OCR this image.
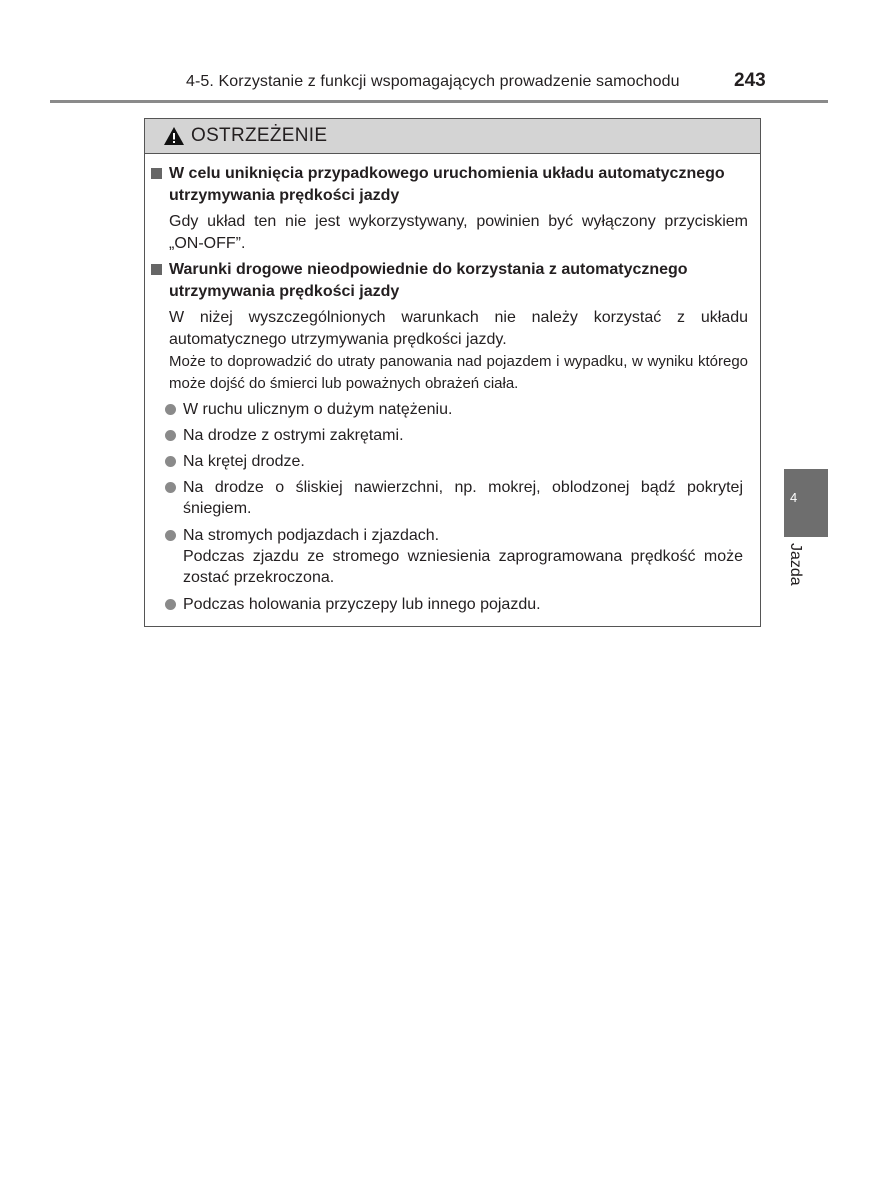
4-5. Korzystanie z funkcji wspomagających prowadzenie samochodu	243
OSTRZEŻENIE
W celu uniknięcia przypadkowego uruchomienia układu automatycznego
utrzymywania prędkości jazdy
Gdy układ ten nie jest wykorzystywany, powinien być wyłączony przyciskiem „ON-OFF”.
Warunki drogowe nieodpowiednie do korzystania z automatycznego
utrzymywania prędkości jazdy
W niżej wyszczególnionych warunkach nie należy korzystać z układu automatycznego utrzymywania prędkości jazdy.
Może to doprowadzić do utraty panowania nad pojazdem i wypadku, w wyniku którego może dojść do śmierci lub poważnych obrażeń ciała.
W ruchu ulicznym o dużym natężeniu.
Na drodze z ostrymi zakrętami.
Na krętej drodze.
Na drodze o śliskiej nawierzchni, np. mokrej, oblodzonej bądź pokrytej śniegiem.
Na stromych podjazdach i zjazdach.
Podczas zjazdu ze stromego wzniesienia zaprogramowana prędkość może zostać przekroczona.
Podczas holowania przyczepy lub innego pojazdu.
4
Jazda
